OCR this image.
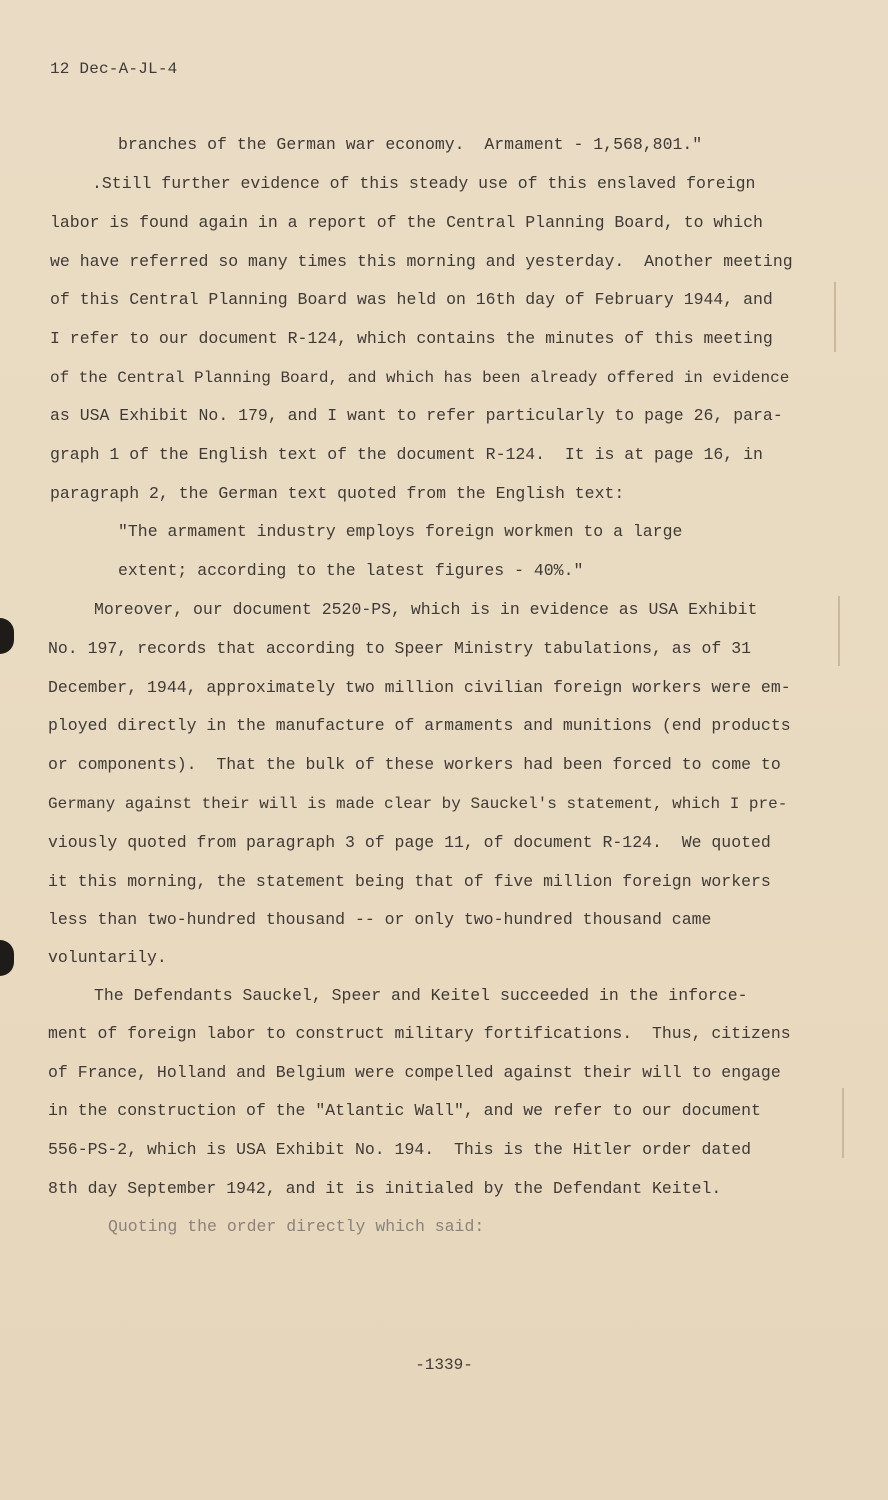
12 Dec-A-JL-4
branches of the German war economy.  Armament - 1,568,801."
.Still further evidence of this steady use of this enslaved foreign
labor is found again in a report of the Central Planning Board, to which
we have referred so many times this morning and yesterday.  Another meeting
of this Central Planning Board was held on 16th day of February 1944, and
I refer to our document R-124, which contains the minutes of this meeting
of the Central Planning Board, and which has been already offered in evidence
as USA Exhibit No. 179, and I want to refer particularly to page 26, para-
graph 1 of the English text of the document R-124.  It is at page 16, in
paragraph 2, the German text quoted from the English text:
"The armament industry employs foreign workmen to a large
extent; according to the latest figures - 40%."
Moreover, our document 2520-PS, which is in evidence as USA Exhibit
No. 197, records that according to Speer Ministry tabulations, as of 31
December, 1944, approximately two million civilian foreign workers were em-
ployed directly in the manufacture of armaments and munitions (end products
or components).  That the bulk of these workers had been forced to come to
Germany against their will is made clear by Sauckel's statement, which I pre-
viously quoted from paragraph 3 of page 11, of document R-124.  We quoted
it this morning, the statement being that of five million foreign workers
less than two-hundred thousand -- or only two-hundred thousand came
voluntarily.
The Defendants Sauckel, Speer and Keitel succeeded in the inforce-
ment of foreign labor to construct military fortifications.  Thus, citizens
of France, Holland and Belgium were compelled against their will to engage
in the construction of the "Atlantic Wall", and we refer to our document
556-PS-2, which is USA Exhibit No. 194.  This is the Hitler order dated
8th day September 1942, and it is initialed by the Defendant Keitel.
Quoting the order directly which said:
-1339-
